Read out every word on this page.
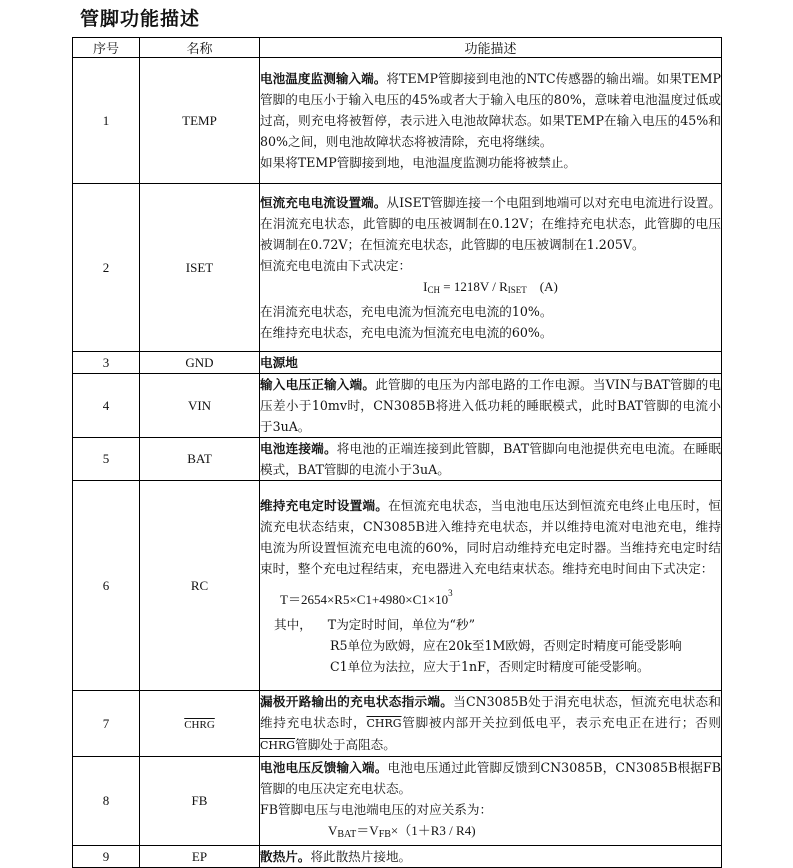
管脚功能描述
序号	名称	功能描述
1	TEMP	电池温度监测输入端。将TEMP管脚接到电池的NTC传感器的输出端。如果TEMP管脚的电压小于输入电压的45%或者大于输入电压的80%，意味着电池温度过低或过高，则充电将被暂停，表示进入电池故障状态。如果TEMP在输入电压的45%和80%之间，则电池故障状态将被清除，充电将继续。

如果将TEMP管脚接到地，电池温度监测功能将被禁止。

2	ISET	恒流充电电流设置端。从ISET管脚连接一个电阻到地端可以对充电电流进行设置。在涓流充电状态，此管脚的电压被调制在0.12V；在维持充电状态，此管脚的电压被调制在0.72V；在恒流充电状态，此管脚的电压被调制在1.205V。

恒流充电电流由下式决定：

$I_{CH} = 1218V / R_{ISET}$ (A)

在涓流充电状态，充电电流为恒流充电电流的10%。

在维持充电状态，充电电流为恒流充电电流的60%。

3	GND	电源地

4	VIN	输入电压正输入端。此管脚的电压为内部电路的工作电源。当VIN与BAT管脚的电压差小于10mv时，CN3085B将进入低功耗的睡眠模式，此时BAT管脚的电流小于3uA。

5	BAT	电池连接端。将电池的正端连接到此管脚，BAT管脚向电池提供充电电流。在睡眠模式，BAT管脚的电流小于3uA。

6	RC	维持充电定时设置端。在恒流充电状态，当电池电压达到恒流充电终止电压时，恒流充电状态结束，CN3085B进入维持充电状态，并以维持电流对电池充电，维持电流为所设置恒流充电电流的60%，同时启动维持充电定时器。当维持充电定时结束时，整个充电过程结束，充电器进入充电结束状态。维持充电时间由下式决定：

$T=2654\times R5\times C1+4980\times C1\times 10^3$

其中， T为定时时间，单位为“秒”

R5单位为欧姆，应在20k至1M欧姆，否则定时精度可能受影响

C1单位为法拉，应大于1nF，否则定时精度可能受影响。

7	CHRG	漏极开路输出的充电状态指示端。当CN3085B处于涓充电状态，恒流充电状态和维持充电状态时，CHRG管脚被内部开关拉到低电平，表示充电正在进行；否则CHRG管脚处于高阻态。

8	FB	电池电压反馈输入端。电池电压通过此管脚反馈到CN3085B，CN3085B根据FB管脚的电压决定充电状态。

FB管脚电压与电池端电压的对应关系为：

$V_{BAT}=V_{FB}\times(1+R3 / R4)$

9	EP	散热片。将此散热片接地。
